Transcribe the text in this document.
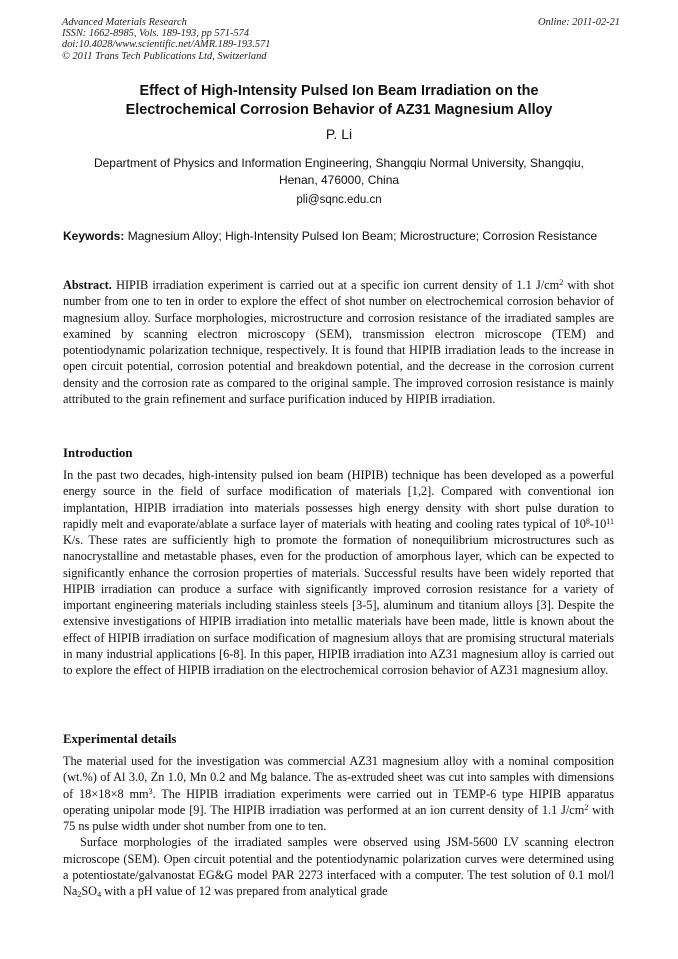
Advanced Materials Research
ISSN: 1662-8985, Vols. 189-193, pp 571-574
doi:10.4028/www.scientific.net/AMR.189-193.571
© 2011 Trans Tech Publications Ltd, Switzerland
Online: 2011-02-21
Effect of High-Intensity Pulsed Ion Beam Irradiation on the
Electrochemical Corrosion Behavior of AZ31 Magnesium Alloy
P. Li
Department of Physics and Information Engineering, Shangqiu Normal University, Shangqiu,
Henan, 476000, China
pli@sqnc.edu.cn
Keywords: Magnesium Alloy; High-Intensity Pulsed Ion Beam; Microstructure; Corrosion Resistance
Abstract. HIPIB irradiation experiment is carried out at a specific ion current density of 1.1 $J/cm^2$ with shot number from one to ten in order to explore the effect of shot number on electrochemical corrosion behavior of magnesium alloy. Surface morphologies, microstructure and corrosion resistance of the irradiated samples are examined by scanning electron microscopy (SEM), transmission electron microscope (TEM) and potentiodynamic polarization technique, respectively. It is found that HIPIB irradiation leads to the increase in open circuit potential, corrosion potential and breakdown potential, and the decrease in the corrosion current density and the corrosion rate as compared to the original sample. The improved corrosion resistance is mainly attributed to the grain refinement and surface purification induced by HIPIB irradiation.
Introduction
In the past two decades, high-intensity pulsed ion beam (HIPIB) technique has been developed as a powerful energy source in the field of surface modification of materials [1,2]. Compared with conventional ion implantation, HIPIB irradiation into materials possesses high energy density with short pulse duration to rapidly melt and evaporate/ablate a surface layer of materials with heating and cooling rates typical of $10^8-10^{11}$ K/s. These rates are sufficiently high to promote the formation of nonequilibrium microstructures such as nanocrystalline and metastable phases, even for the production of amorphous layer, which can be expected to significantly enhance the corrosion properties of materials. Successful results have been widely reported that HIPIB irradiation can produce a surface with significantly improved corrosion resistance for a variety of important engineering materials including stainless steels [3-5], aluminum and titanium alloys [3]. Despite the extensive investigations of HIPIB irradiation into metallic materials have been made, little is known about the effect of HIPIB irradiation on surface modification of magnesium alloys that are promising structural materials in many industrial applications [6-8]. In this paper, HIPIB irradiation into AZ31 magnesium alloy is carried out to explore the effect of HIPIB irradiation on the electrochemical corrosion behavior of AZ31 magnesium alloy.
Experimental details

The material used for the investigation was commercial AZ31 magnesium alloy with a nominal composition (wt.%) of Al 3.0, Zn 1.0, Mn 0.2 and Mg balance. The as-extruded sheet was cut into samples with dimensions of 18×18×8 $mm^3$. The HIPIB irradiation experiments were carried out in TEMP-6 type HIPIB apparatus operating unipolar mode [9]. The HIPIB irradiation was performed at an ion current density of 1.1 $J/cm^2$ with 75 ns pulse width under shot number from one to ten.

Surface morphologies of the irradiated samples were observed using JSM-5600 LV scanning electron microscope (SEM). Open circuit potential and the potentiodynamic polarization curves were determined using a potentiostate/galvanostat EG&G model PAR 2273 interfaced with a computer. The test solution of 0.1 mol/l $Na_2SO_4$ with a pH value of 12 was prepared from analytical grade
